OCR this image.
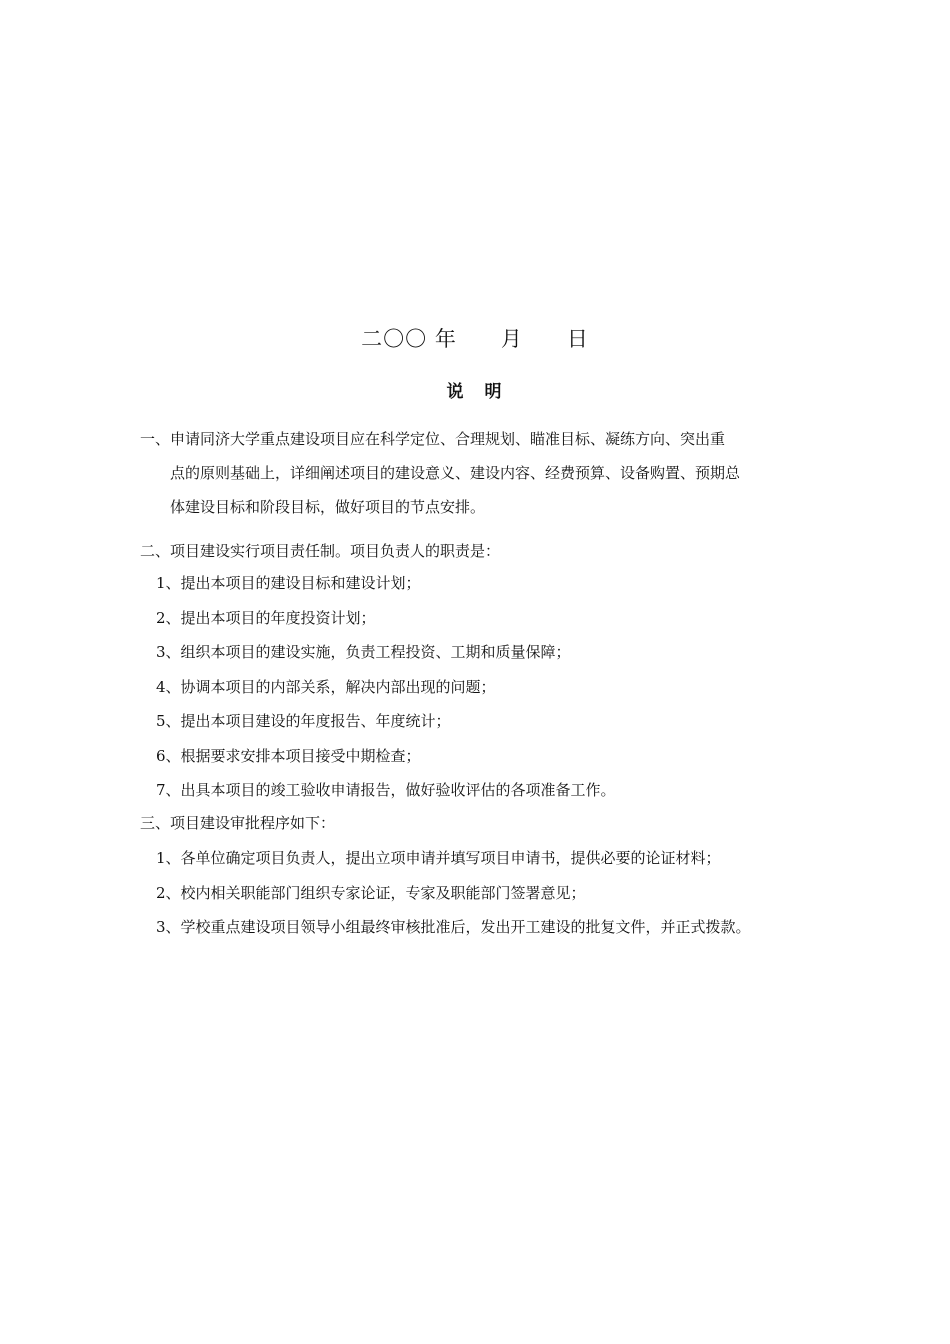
二〇〇 年　　月　　日
说　明

一、申请同济大学重点建设项目应在科学定位、合理规划、瞄准目标、凝练方向、突出重

点的原则基础上，详细阐述项目的建设意义、建设内容、经费预算、设备购置、预期总

体建设目标和阶段目标，做好项目的节点安排。

二、项目建设实行项目责任制。项目负责人的职责是：

1、提出本项目的建设目标和建设计划；

2、提出本项目的年度投资计划；

3、组织本项目的建设实施，负责工程投资、工期和质量保障；

4、协调本项目的内部关系，解决内部出现的问题；

5、提出本项目建设的年度报告、年度统计；

6、根据要求安排本项目接受中期检查；

7、出具本项目的竣工验收申请报告，做好验收评估的各项准备工作。

三、项目建设审批程序如下：

1、各单位确定项目负责人，提出立项申请并填写项目申请书，提供必要的论证材料；

2、校内相关职能部门组织专家论证，专家及职能部门签署意见；

3、学校重点建设项目领导小组最终审核批准后，发出开工建设的批复文件，并正式拨款。
